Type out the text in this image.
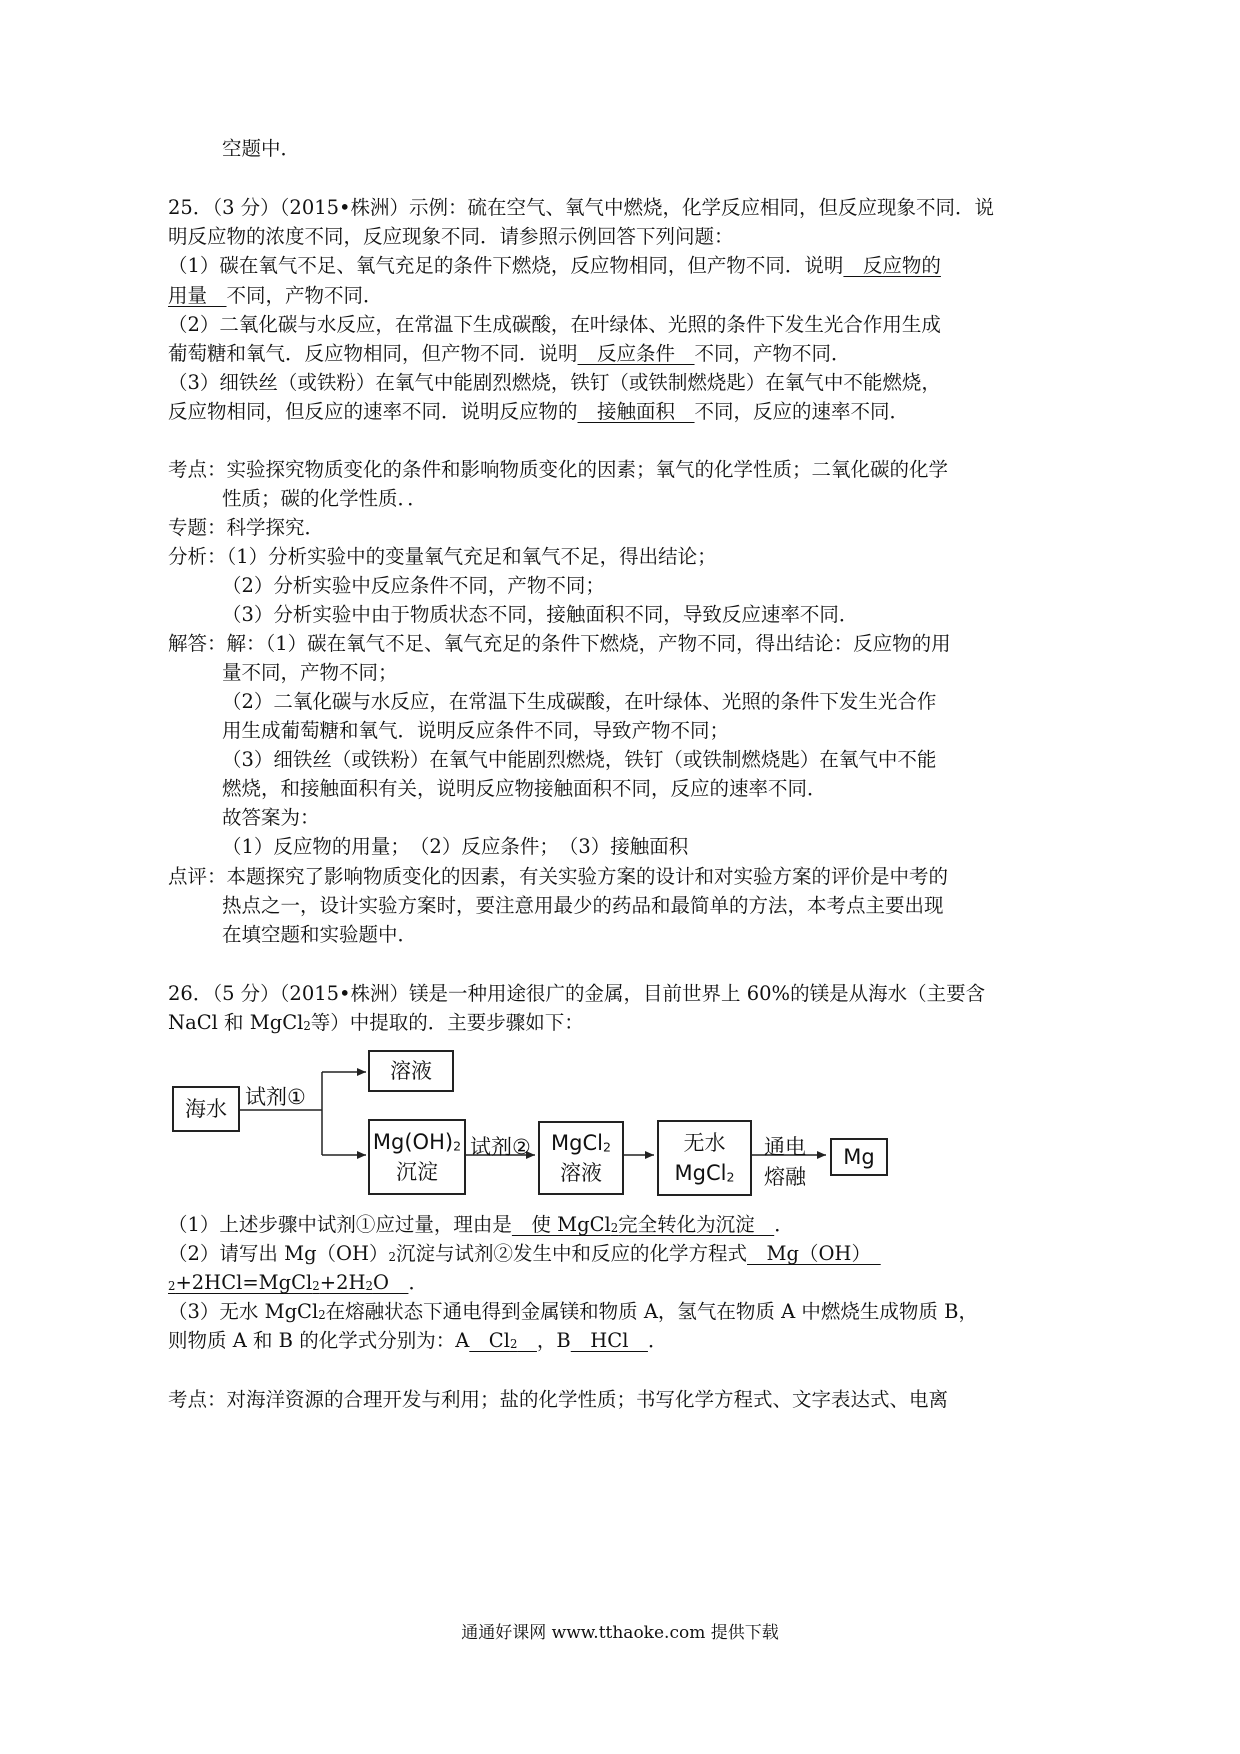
空题中．
25．（3 分）（2015•株洲）示例：硫在空气、氧气中燃烧，化学反应相同，但反应现象不同．说
明反应物的浓度不同，反应现象不同．请参照示例回答下列问题：
（1）碳在氧气不足、氧气充足的条件下燃烧，反应物相同，但产物不同．说明　反应物的
用量　不同，产物不同．
（2）二氧化碳与水反应，在常温下生成碳酸，在叶绿体、光照的条件下发生光合作用生成
葡萄糖和氧气．反应物相同，但产物不同．说明　反应条件　不同，产物不同．
（3）细铁丝（或铁粉）在氧气中能剧烈燃烧，铁钉（或铁制燃烧匙）在氧气中不能燃烧，
反应物相同，但反应的速率不同．说明反应物的　接触面积　不同，反应的速率不同．
考点：实验探究物质变化的条件和影响物质变化的因素；氧气的化学性质；二氧化碳的化学
性质；碳的化学性质．．
专题：科学探究．
分析：（1）分析实验中的变量氧气充足和氧气不足，得出结论；
（2）分析实验中反应条件不同，产物不同；
（3）分析实验中由于物质状态不同，接触面积不同，导致反应速率不同．
解答：解：（1）碳在氧气不足、氧气充足的条件下燃烧，产物不同，得出结论：反应物的用
量不同，产物不同；
（2）二氧化碳与水反应，在常温下生成碳酸，在叶绿体、光照的条件下发生光合作
用生成葡萄糖和氧气．说明反应条件不同，导致产物不同；
（3）细铁丝（或铁粉）在氧气中能剧烈燃烧，铁钉（或铁制燃烧匙）在氧气中不能
燃烧，和接触面积有关，说明反应物接触面积不同，反应的速率不同．
故答案为：
（1）反应物的用量；　（2）反应条件；　（3）接触面积
点评：本题探究了影响物质变化的因素，有关实验方案的设计和对实验方案的评价是中考的
热点之一，设计实验方案时，要注意用最少的药品和最简单的方法，本考点主要出现
在填空题和实验题中．
26．（5 分）（2015•株洲）镁是一种用途很广的金属，目前世界上 60%的镁是从海水（主要含
NaCl 和 MgCl$_2$等）中提取的．主要步骤如下：
海水 试剂①
溶液
$Mg(OH)_2$
沉淀
试剂② MgCl$_2$
溶液
无水
MgCl$_2$
通电
熔融
Mg
（1）上述步骤中试剂①应过量，理由是　使 MgCl$_2$完全转化为沉淀　．
（2）请写出 $Mg(OH)_2$沉淀与试剂②发生中和反应的化学方程式　Mg（OH）　
$_2+2HCl=MgCl_2+2H_2O$　．
（3）无水 MgCl$_2$在熔融状态下通电得到金属镁和物质 A，氢气在物质 A 中燃烧生成物质 B，
则物质 A 和 B 的化学式分别为：A　$Cl_2$　 ，B　HCl　．
考点：对海洋资源的合理开发与利用；盐的化学性质；书写化学方程式、文字表达式、电离
通通好课网 www.tthaoke.com 提供下载
